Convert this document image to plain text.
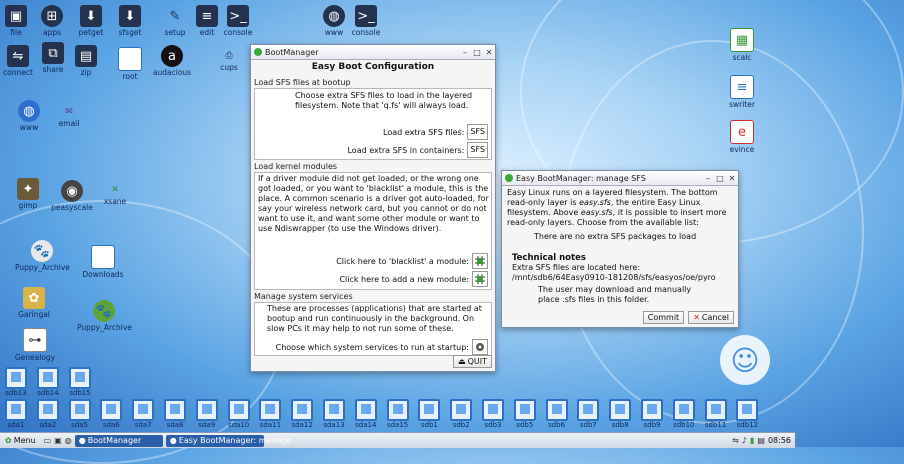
▣
file
⊞
apps
⬇
petget
⬇
sfsget
✎
setup
≡
edit
>_
console
◍
www
>_
console
⇋
connect
⧉
share
▤
zip	root
a
audacious
⎙
cups
◍
www
✉
email
✦
gimp
◉
peasyscale
✕
xsane
🐾
Puppy_Archive
Downloads
✿
Garingal	🐾
Puppy_Archive
⊶
Genealogy
▦
scalc
≡
swriter
e
evince
☺
BootManager	– □ ✕
Easy Boot Configuration
Load SFS files at bootup
Choose extra SFS files to load in the layered filesystem. Note that 'q.fs' will always load.
Load extra SFS files: SFS
Load extra SFS in containers: SFS
Load kernel modules
If a driver module did not get loaded, or the wrong one got loaded, or you want to 'blacklist' a module, this is the place. A common scenario is a driver got auto-loaded, for say your wireless network card, but you cannot or do not want to use it, and want some other module or want to use Ndiswrapper (to use the Windows driver).
Click here to 'blacklist' a module:
Click here to add a new module:
Manage system services
These are processes (applications) that are started at bootup and run continuously in the background. On slow PCs it may help to not run some of these.
Choose which system services to run at startup:
⏏ QUIT
Easy BootManager: manage SFS	– □ ✕
Easy Linux runs on a layered filesystem. The bottom read-only layer is easy.sfs, the entire Easy Linux filesystem. Above easy.sfs, it is possible to insert more read-only layers. Choose from the available list:
There are no extra SFS packages to load
Technical notes
Extra SFS files are located here:
/mnt/sdb6/64Easy0910-181208/sfs/easyos/oe/pyro
The user may download and manually place .sfs files in this folder.
Commit	✕ Cancel
sdb13	sdb14	sdb15
sda1	sda2	sda5	sda6	sda7	sda8	sda9	sda10	sda11	sda12	sda13	sda14	sda15	sdb1	sdb2	sdb3	sdb5	sdb6	sdb7	sdb8	sdb9	sdb10	sdb11	sdb12
✿ Menu ▭ ▣ ◍ ● BootManager	● Easy BootManager: manage	⇋ ♪ ▮ ▤ 08:56
